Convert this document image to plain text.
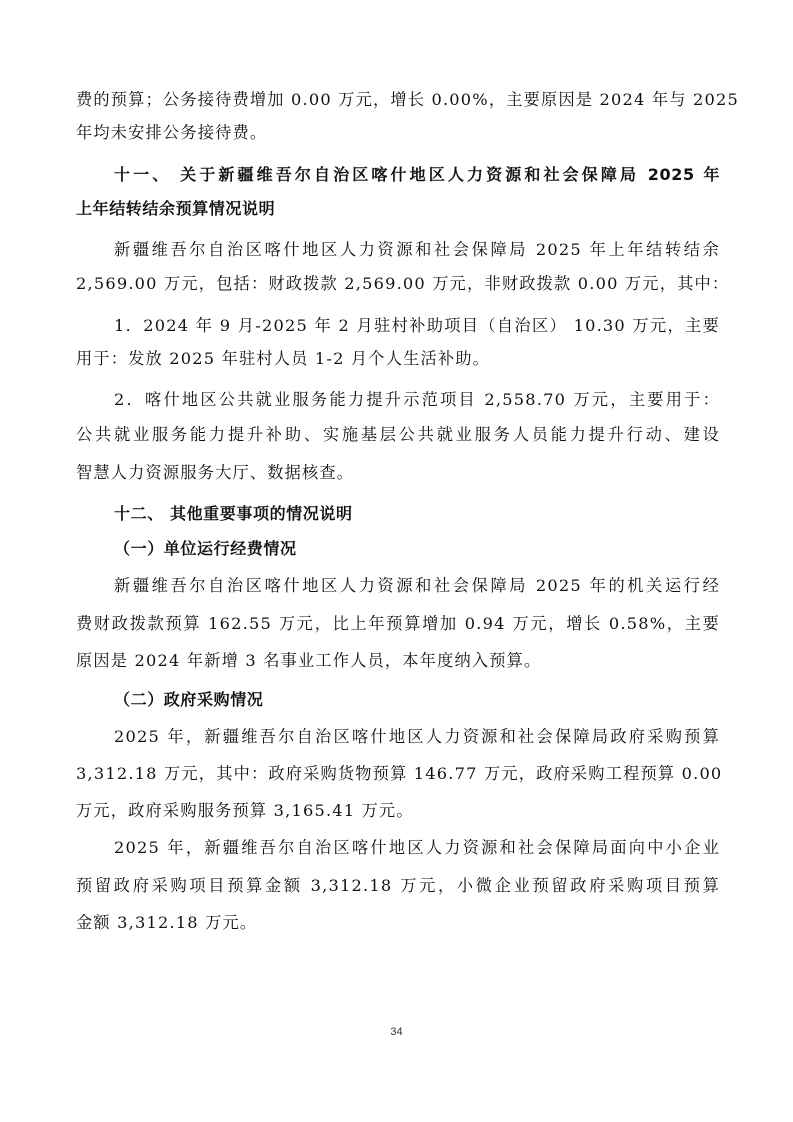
费的预算；公务接待费增加 0.00 万元，增长 0.00%，主要原因是 2024 年与 2025
年均未安排公务接待费。
十一、 关于新疆维吾尔自治区喀什地区人力资源和社会保障局 2025 年
上年结转结余预算情况说明
新疆维吾尔自治区喀什地区人力资源和社会保障局 2025 年上年结转结余
2,569.00 万元，包括：财政拨款 2,569.00 万元，非财政拨款 0.00 万元，其中：
1．2024 年 9 月-2025 年 2 月驻村补助项目（自治区） 10.30 万元，主要
用于：发放 2025 年驻村人员 1-2 月个人生活补助。
2．喀什地区公共就业服务能力提升示范项目 2,558.70 万元，主要用于：
公共就业服务能力提升补助、实施基层公共就业服务人员能力提升行动、建设
智慧人力资源服务大厅、数据核查。
十二、 其他重要事项的情况说明
（一）单位运行经费情况
新疆维吾尔自治区喀什地区人力资源和社会保障局 2025 年的机关运行经
费财政拨款预算 162.55 万元，比上年预算增加 0.94 万元，增长 0.58%，主要
原因是 2024 年新增 3 名事业工作人员，本年度纳入预算。
（二）政府采购情况
2025 年，新疆维吾尔自治区喀什地区人力资源和社会保障局政府采购预算
3,312.18 万元，其中：政府采购货物预算 146.77 万元，政府采购工程预算 0.00
万元，政府采购服务预算 3,165.41 万元。
2025 年，新疆维吾尔自治区喀什地区人力资源和社会保障局面向中小企业
预留政府采购项目预算金额 3,312.18 万元，小微企业预留政府采购项目预算
金额 3,312.18 万元。
34
